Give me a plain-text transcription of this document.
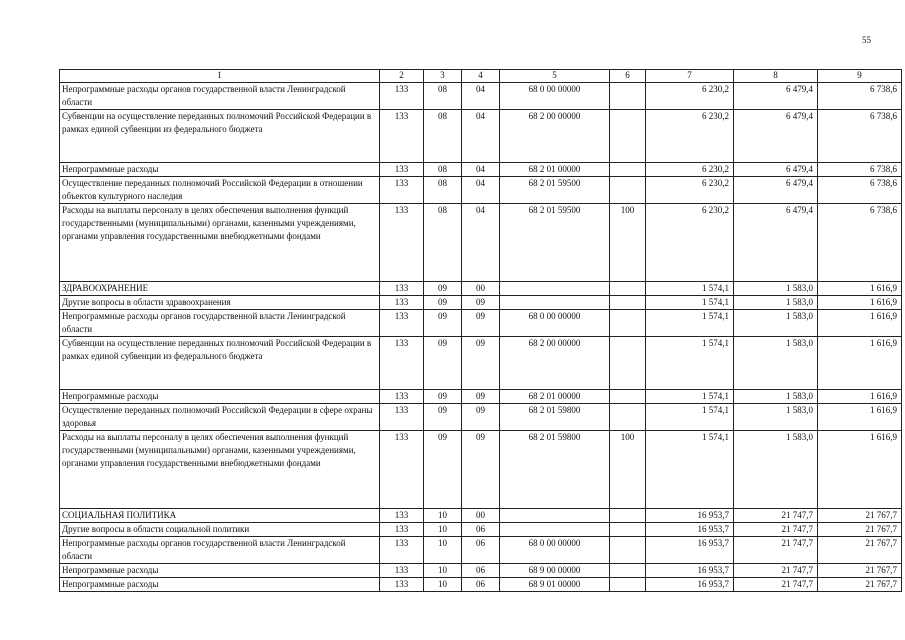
55
1	2	3	4	5	6	7	8	9
Непрограммные расходы органов государственной власти Ленинградской области	133	08	04	68 0 00 00000		6 230,2	6 479,4	6 738,6
Субвенции на осуществление переданных полномочий Российской Федерации в рамках единой субвенции из федерального бюджета	133	08	04	68 2 00 00000		6 230,2	6 479,4	6 738,6
Непрограммные расходы	133	08	04	68 2 01 00000		6 230,2	6 479,4	6 738,6
Осуществление переданных полномочий Российской Федерации в отношении объектов культурного наследия	133	08	04	68 2 01 59500		6 230,2	6 479,4	6 738,6
Расходы на выплаты персоналу в целях обеспечения выполнения функций государственными (муниципальными) органами, казенными учреждениями, органами управления государственными внебюджетными фондами	133	08	04	68 2 01 59500	100	6 230,2	6 479,4	6 738,6
ЗДРАВООХРАНЕНИЕ	133	09	00			1 574,1	1 583,0	1 616,9
Другие вопросы в области здравоохранения	133	09	09			1 574,1	1 583,0	1 616,9
Непрограммные расходы органов государственной власти Ленинградской области	133	09	09	68 0 00 00000		1 574,1	1 583,0	1 616,9
Субвенции на осуществление переданных полномочий Российской Федерации в рамках единой субвенции из федерального бюджета	133	09	09	68 2 00 00000		1 574,1	1 583,0	1 616,9
Непрограммные расходы	133	09	09	68 2 01 00000		1 574,1	1 583,0	1 616,9
Осуществление переданных полномочий Российской Федерации в сфере охраны здоровья	133	09	09	68 2 01 59800		1 574,1	1 583,0	1 616,9
Расходы на выплаты персоналу в целях обеспечения выполнения функций государственными (муниципальными) органами, казенными учреждениями, органами управления государственными внебюджетными фондами	133	09	09	68 2 01 59800	100	1 574,1	1 583,0	1 616,9
СОЦИАЛЬНАЯ ПОЛИТИКА	133	10	00			16 953,7	21 747,7	21 767,7
Другие вопросы в области социальной политики	133	10	06			16 953,7	21 747,7	21 767,7
Непрограммные расходы органов государственной власти Ленинградской области	133	10	06	68 0 00 00000		16 953,7	21 747,7	21 767,7
Непрограммные расходы	133	10	06	68 9 00 00000		16 953,7	21 747,7	21 767,7
Непрограммные расходы	133	10	06	68 9 01 00000		16 953,7	21 747,7	21 767,7
